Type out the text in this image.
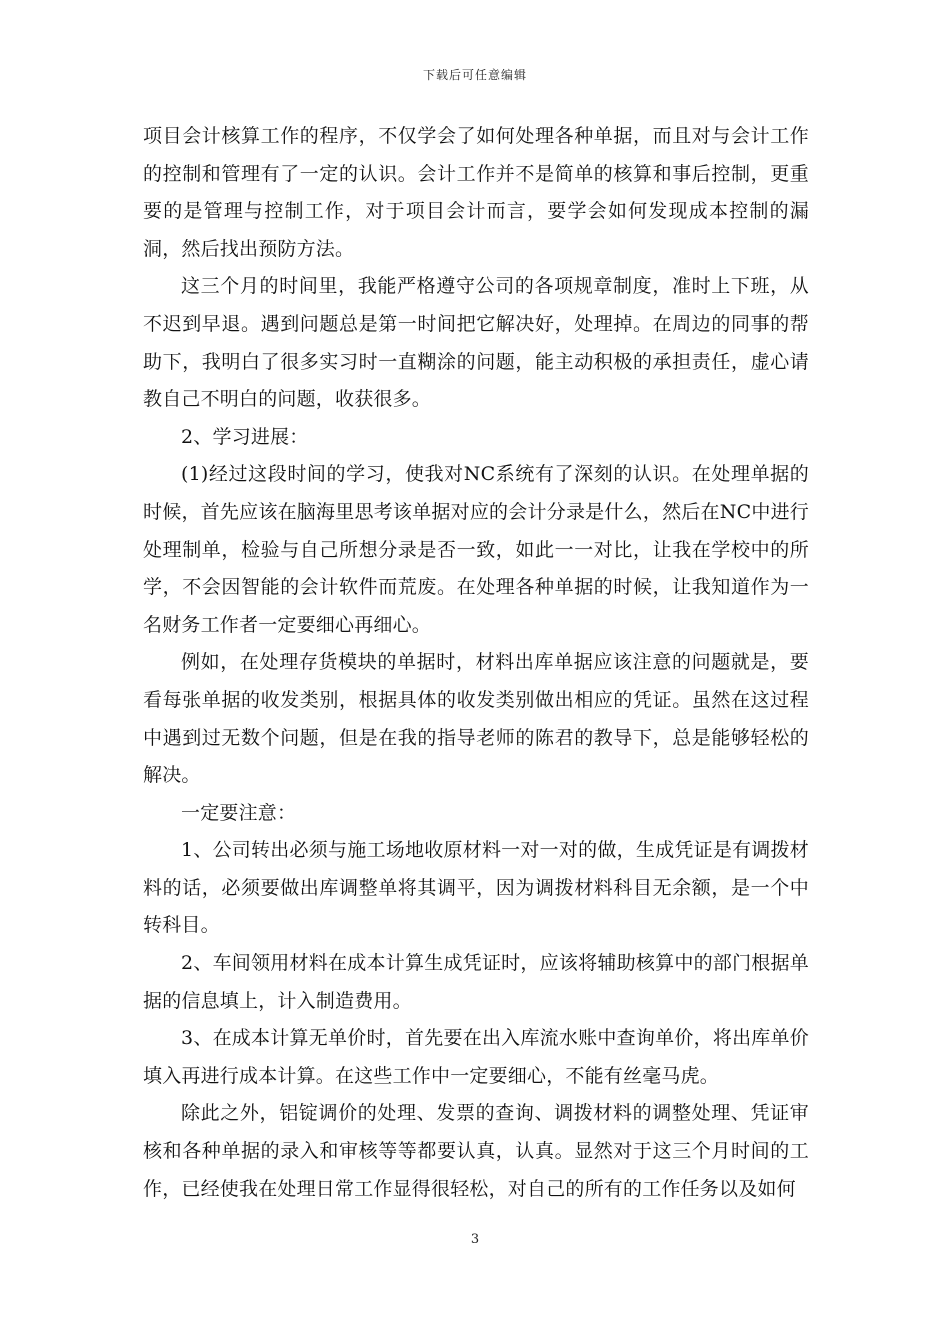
下载后可任意编辑

项目会计核算工作的程序，不仅学会了如何处理各种单据，而且对与会计工作的控制和管理有了一定的认识。会计工作并不是简单的核算和事后控制，更重要的是管理与控制工作，对于项目会计而言，要学会如何发现成本控制的漏洞，然后找出预防方法。

这三个月的时间里，我能严格遵守公司的各项规章制度，准时上下班，从不迟到早退。遇到问题总是第一时间把它解决好，处理掉。在周边的同事的帮助下，我明白了很多实习时一直糊涂的问题，能主动积极的承担责任，虚心请教自己不明白的问题，收获很多。

2、学习进展：

(1)经过这段时间的学习，使我对NC系统有了深刻的认识。在处理单据的时候，首先应该在脑海里思考该单据对应的会计分录是什么，然后在NC中进行处理制单，检验与自己所想分录是否一致，如此一一对比，让我在学校中的所学，不会因智能的会计软件而荒废。在处理各种单据的时候，让我知道作为一名财务工作者一定要细心再细心。

例如，在处理存货模块的单据时，材料出库单据应该注意的问题就是，要看每张单据的收发类别，根据具体的收发类别做出相应的凭证。虽然在这过程中遇到过无数个问题，但是在我的指导老师的陈君的教导下，总是能够轻松的解决。

一定要注意：

1、公司转出必须与施工场地收原材料一对一对的做，生成凭证是有调拨材料的话，必须要做出库调整单将其调平，因为调拨材料科目无余额，是一个中转科目。

2、车间领用材料在成本计算生成凭证时，应该将辅助核算中的部门根据单据的信息填上，计入制造费用。

3、在成本计算无单价时，首先要在出入库流水账中查询单价，将出库单价填入再进行成本计算。在这些工作中一定要细心，不能有丝毫马虎。

除此之外，铝锭调价的处理、发票的查询、调拨材料的调整处理、凭证审核和各种单据的录入和审核等等都要认真，认真。显然对于这三个月时间的工作，已经使我在处理日常工作显得很轻松，对自己的所有的工作任务以及如何

3
